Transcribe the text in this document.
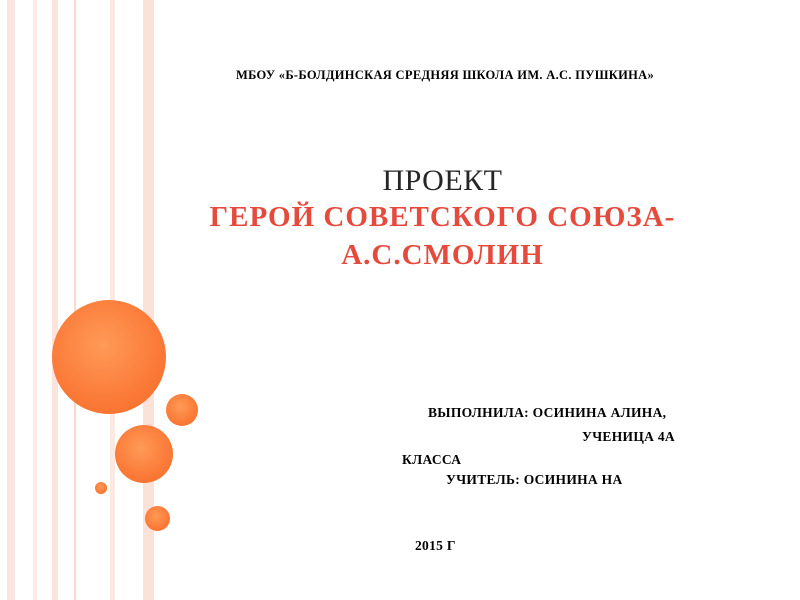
МБОУ «Б-БОЛДИНСКАЯ СРЕДНЯЯ ШКОЛА ИМ. А.С. ПУШКИНА»
ПРОЕКТ
ГЕРОЙ СОВЕТСКОГО СОЮЗА-
А.С.СМОЛИН
ВЫПОЛНИЛА: ОСИНИНА АЛИНА,
УЧЕНИЦА 4А
КЛАССА
УЧИТЕЛЬ: ОСИНИНА НА
2015 Г
